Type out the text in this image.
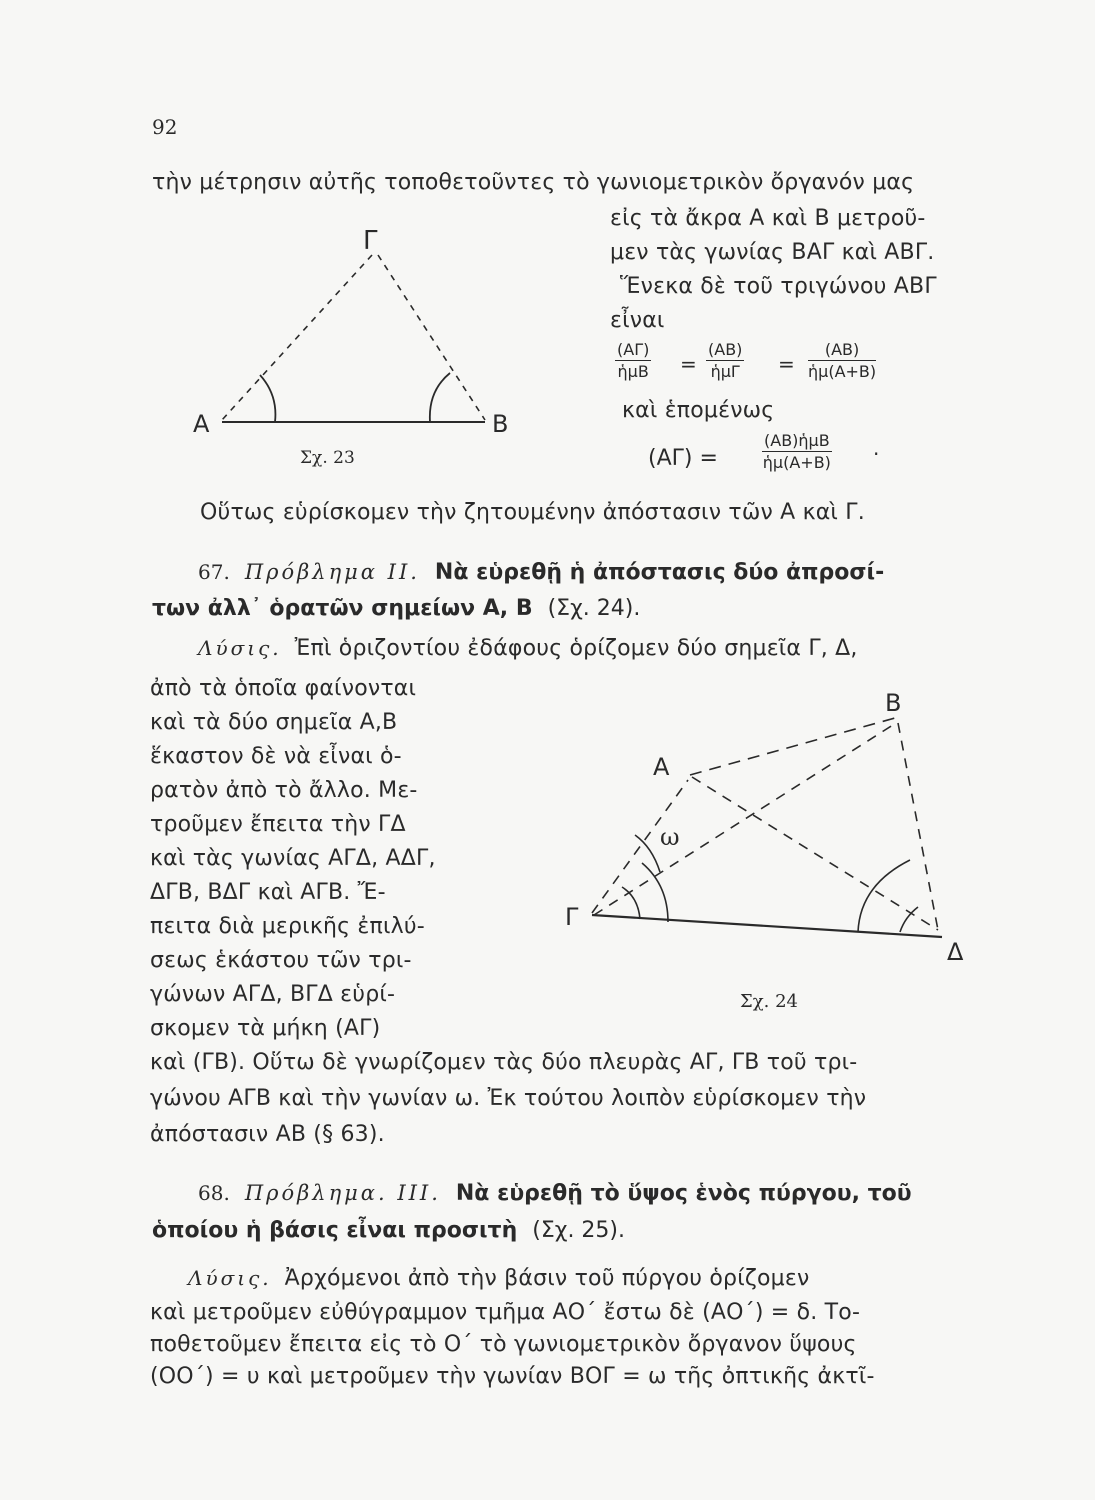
92
τὴν μέτρησιν αὐτῆς τοποθετοῦντες τὸ γωνιομετρικὸν ὄργανόν μας
εἰς τὰ ἄκρα Α καὶ Β μετροῦ-
μεν τὰς γωνίας ΒΑΓ καὶ ΑΒΓ.
Ἕνεκα δὲ τοῦ τριγώνου ΑΒΓ
εἶναι
(ΑΓ)
ἡμΒ =
(ΑΒ)
ἡμΓ = $\frac{(AB)}{\text{ἡμ(Α+Β)}}$
καὶ ἑπομένως
(ΑΓ) =
(ΑΒ)ἡμΒ
ἡμ(Α+Β)
.
Γ
Α	Β
Σχ. 23
Οὕτως εὑρίσκομεν τὴν ζητουμένην ἀπόστασιν τῶν Α καὶ Γ.
67. Πρόβλημα ΙΙ. Νὰ εὑρεθῇ ἡ ἀπόστασις δύο ἀπροσί-
των ἀλλ᾽ ὁρατῶν σημείων Α, Β (Σχ. 24).
Λύσις. Ἐπὶ ὁριζοντίου ἐδάφους ὁρίζομεν δύο σημεῖα Γ, Δ,
ἀπὸ τὰ ὁποῖα φαίνονται
καὶ τὰ δύο σημεῖα Α,Β
ἕκαστον δὲ νὰ εἶναι ὁ-
ρατὸν ἀπὸ τὸ ἄλλο. Με-
τροῦμεν ἔπειτα τὴν ΓΔ
καὶ τὰς γωνίας ΑΓΔ, ΑΔΓ,
ΔΓΒ, ΒΔΓ καὶ ΑΓΒ. Ἔ-
πειτα διὰ μερικῆς ἐπιλύ-
σεως ἑκάστου τῶν τρι-
γώνων ΑΓΔ, ΒΓΔ εὑρί-
σκομεν τὰ μήκη (ΑΓ)
Β
Α
Γ
Δ
ω
Σχ. 24
καὶ (ΓΒ). Οὕτω δὲ γνωρίζομεν τὰς δύο πλευρὰς ΑΓ, ΓΒ τοῦ τρι-
γώνου ΑΓΒ καὶ τὴν γωνίαν ω. Ἐκ τούτου λοιπὸν εὑρίσκομεν τὴν
ἀπόστασιν ΑΒ (§ 63).
68. Πρόβλημα. ΙΙΙ. Νὰ εὑρεθῇ τὸ ὕψος ἑνὸς πύργου, τοῦ
ὁποίου ἡ βάσις εἶναι προσιτὴ (Σχ. 25).
Λύσις. Ἀρχόμενοι ἀπὸ τὴν βάσιν τοῦ πύργου ὁρίζομεν
καὶ μετροῦμεν εὐθύγραμμον τμῆμα ΑΟ΄ ἔστω δὲ (ΑΟ΄) = δ. Το-
ποθετοῦμεν ἔπειτα εἰς τὸ Ο΄ τὸ γωνιομετρικὸν ὄργανον ὕψους
(ΟΟ΄) = υ καὶ μετροῦμεν τὴν γωνίαν ΒΟΓ = ω τῆς ὀπτικῆς ἀκτῖ-
